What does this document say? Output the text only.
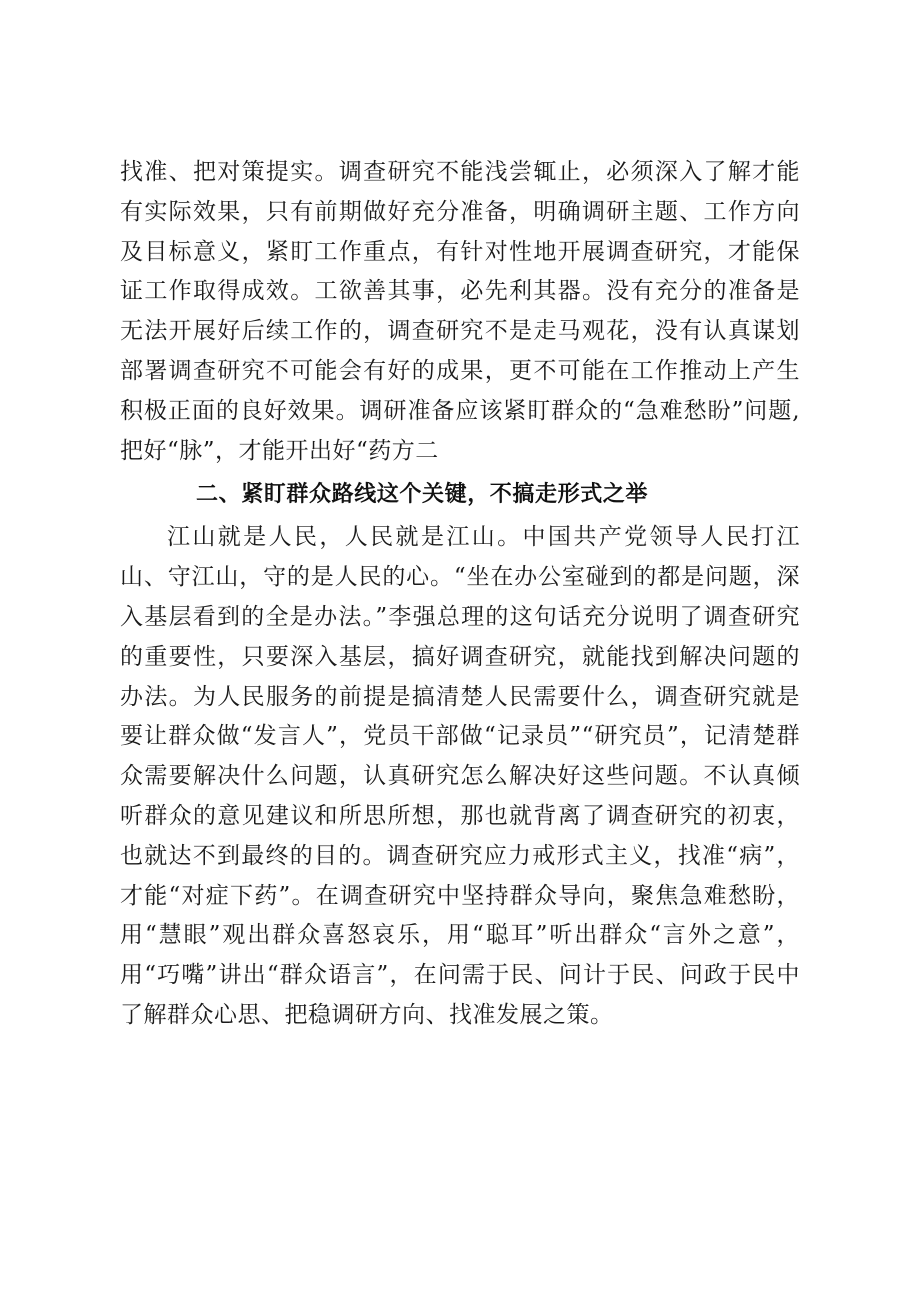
找准、把对策提实。调查研究不能浅尝辄止，必须深入了解才能有实际效果，只有前期做好充分准备，明确调研主题、工作方向及目标意义，紧盯工作重点，有针对性地开展调查研究，才能保证工作取得成效。工欲善其事，必先利其器。没有充分的准备是无法开展好后续工作的，调查研究不是走马观花，没有认真谋划部署调查研究不可能会有好的成果，更不可能在工作推动上产生积极正面的良好效果。调研准备应该紧盯群众的“急难愁盼”问题,把好“脉”，才能开出好“药方二

二、紧盯群众路线这个关键，不搞走形式之举

江山就是人民，人民就是江山。中国共产党领导人民打江山、守江山，守的是人民的心。“坐在办公室碰到的都是问题，深入基层看到的全是办法。”李强总理的这句话充分说明了调查研究的重要性，只要深入基层，搞好调查研究，就能找到解决问题的办法。为人民服务的前提是搞清楚人民需要什么，调查研究就是要让群众做“发言人”，党员干部做“记录员”“研究员”，记清楚群众需要解决什么问题，认真研究怎么解决好这些问题。不认真倾听群众的意见建议和所思所想，那也就背离了调查研究的初衷，也就达不到最终的目的。调查研究应力戒形式主义，找准“病”，才能“对症下药”。在调查研究中坚持群众导向，聚焦急难愁盼，用“慧眼”观出群众喜怒哀乐，用“聪耳”听出群众“言外之意”，用“巧嘴”讲出“群众语言”，在问需于民、问计于民、问政于民中了解群众心思、把稳调研方向、找准发展之策。
